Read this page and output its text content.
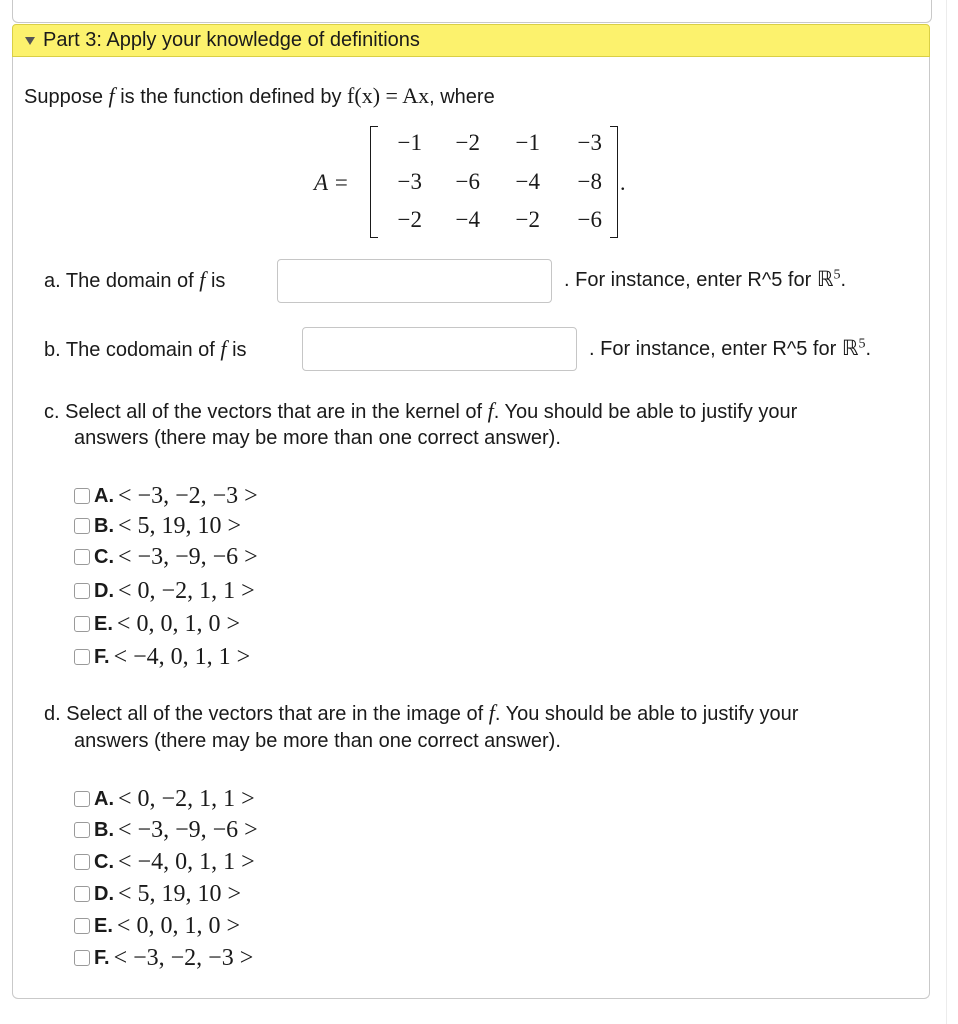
Part 3: Apply your knowledge of definitions
Suppose f is the function defined by f(x) = Ax, where
A =
−1	−2	−1	−3
−3	−6	−4	−8
−2	−4	−2	−6
.
a. The domain of f is	. For instance, enter R^5 for ℝ$^5$.
b. The codomain of f is	. For instance, enter R^5 for ℝ$^5$.
c. Select all of the vectors that are in the kernel of f. You should be able to justify your
answers (there may be more than one correct answer).
A. < −3, −2, −3 >
B. < 5, 19, 10 >
C. < −3, −9, −6 >
D. < 0, −2, 1, 1 >
E. < 0, 0, 1, 0 >
F. < −4, 0, 1, 1 >
d. Select all of the vectors that are in the image of f. You should be able to justify your
answers (there may be more than one correct answer).
A. < 0, −2, 1, 1 >
B. < −3, −9, −6 >
C. < −4, 0, 1, 1 >
D. < 5, 19, 10 >
E. < 0, 0, 1, 0 >
F. < −3, −2, −3 >
